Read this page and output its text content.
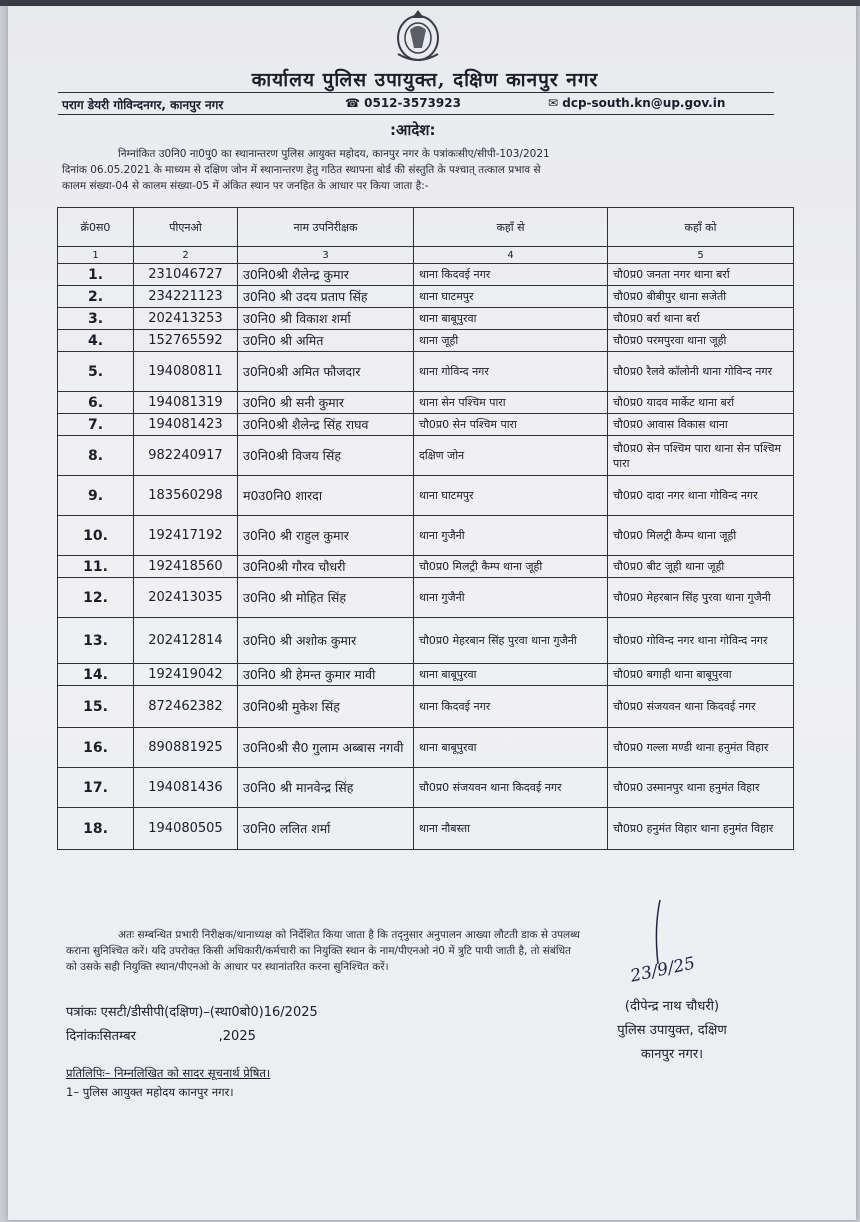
कार्यालय पुलिस उपायुक्त, दक्षिण कानपुर नगर
पराग डेयरी गोविन्दनगर, कानपुर नगर	☎ 0512-3573923	✉ dcp-south.kn@up.gov.in
:आदेश:
निम्नांकित उ0नि0 ना0पु0 का स्थानान्तरण पुलिस आयुक्त महोदय, कानपुर नगर के पत्रांकःसीए/सीपी-103/2021
दिनांक 06.05.2021 के माध्यम से दक्षिण जोन में स्थानान्तरण हेतु गठित स्थापना बोर्ड की संस्तुति के पश्चात् तत्काल प्रभाव से
कालम संख्या-04 से कालम संख्या-05 में अंकित स्थान पर जनहित के आधार पर किया जाता है:-
क्रॅ0स0	पीएनओ	नाम उपनिरीक्षक	कहाँ से	कहाँ को
1	2	3	4	5
1.	231046727	उ0नि0श्री शैलेन्द्र कुमार	थाना किदवई नगर	चौ0प्र0 जनता नगर थाना बर्रा
2.	234221123	उ0नि0 श्री उदय प्रताप सिंह	थाना घाटमपुर	चौ0प्र0 बीबीपुर थाना सजेती
3.	202413253	उ0नि0 श्री विकाश शर्मा	थाना बाबूपुरवा	चौ0प्र0 बर्रा थाना बर्रा
4.	152765592	उ0नि0 श्री अमित	थाना जूही	चौ0प्र0 परमपुरवा थाना जूही
5.	194080811	उ0नि0श्री अमित फौजदार	थाना गोविन्द नगर	चौ0प्र0 रैलवे कॉलोनी थाना गोविन्द नगर
6.	194081319	उ0नि0 श्री सनी कुमार	थाना सेन पश्चिम पारा	चौ0प्र0 यादव मार्केट थाना बर्रा
7.	194081423	उ0नि0श्री शैलेन्द्र सिंह राघव	चौ0प्र0 सेन पश्चिम पारा	चौ0प्र0 आवास विकास थाना
8.	982240917	उ0नि0श्री विजय सिंह	दक्षिण जोन	चौ0प्र0 सेन पश्चिम पारा थाना सेन पश्चिम पारा
9.	183560298	म0उ0नि0 शारदा	थाना घाटमपुर	चौ0प्र0 दादा नगर थाना गोविन्द नगर
10.	192417192	उ0नि0 श्री राहुल कुमार	थाना गुजैनी	चौ0प्र0 मिलट्री कैम्प थाना जूही
11.	192418560	उ0नि0श्री गौरव चौधरी	चौ0प्र0 मिलट्री कैम्प थाना जूही	चौ0प्र0 बीट जूही थाना जूही
12.	202413035	उ0नि0 श्री मोहित सिंह	थाना गुजैनी	चौ0प्र0 मेहरबान सिंह पुरवा थाना गुजैनी
13.	202412814	उ0नि0 श्री अशोक कुमार	चौ0प्र0 मेहरबान सिंह पुरवा थाना गुजैनी	चौ0प्र0 गोविन्द नगर थाना गोविन्द नगर
14.	192419042	उ0नि0 श्री हेमन्त कुमार मावी	थाना बाबूपुरवा	चौ0प्र0 बगाही थाना बाबूपुरवा
15.	872462382	उ0नि0श्री मुकेश सिंह	थाना किदवई नगर	चौ0प्र0 संजयवन थाना किदवई नगर
16.	890881925	उ0नि0श्री सै0 गुलाम अब्बास नगवी	थाना बाबूपुरवा	चौ0प्र0 गल्ला मण्डी थाना हनुमंत विहार
17.	194081436	उ0नि0 श्री मानवेन्द्र सिंह	चौ0प्र0 संजयवन थाना किदवई नगर	चौ0प्र0 उस्मानपुर थाना हनुमंत विहार
18.	194080505	उ0नि0 ललित शर्मा	थाना नौबस्ता	चौ0प्र0 हनुमंत विहार थाना हनुमंत विहार
अतः सम्बन्धित प्रभारी निरीक्षक/थानाध्यक्ष को निर्देशित किया जाता है कि तद्नुसार अनुपालन आख्या लौटती डाक से उपलब्ध
कराना सुनिश्चित करें। यदि उपरोक्त किसी अधिकारी/कर्मचारी का नियुक्ति स्थान के नाम/पीएनओ नं0 में त्रुटि पायी जाती है, तो संबंधित
को उसके सही नियुक्ति स्थान/पीएनओ के आधार पर स्थानांतरित करना सुनिश्चित करें।	23/9/25
पत्रांकः एसटी/डीसीपी(दक्षिण)–(स्था0बो0)16/2025
दिनांकःसितम्बर                    ,2025
(दीपेन्द्र नाथ चौधरी)
पुलिस उपायुक्त, दक्षिण
कानपुर नगर।
प्रतिलिपिः– निम्नलिखित को सादर सूचनार्थ प्रेषित।
1– पुलिस आयुक्त महोदय कानपुर नगर।
